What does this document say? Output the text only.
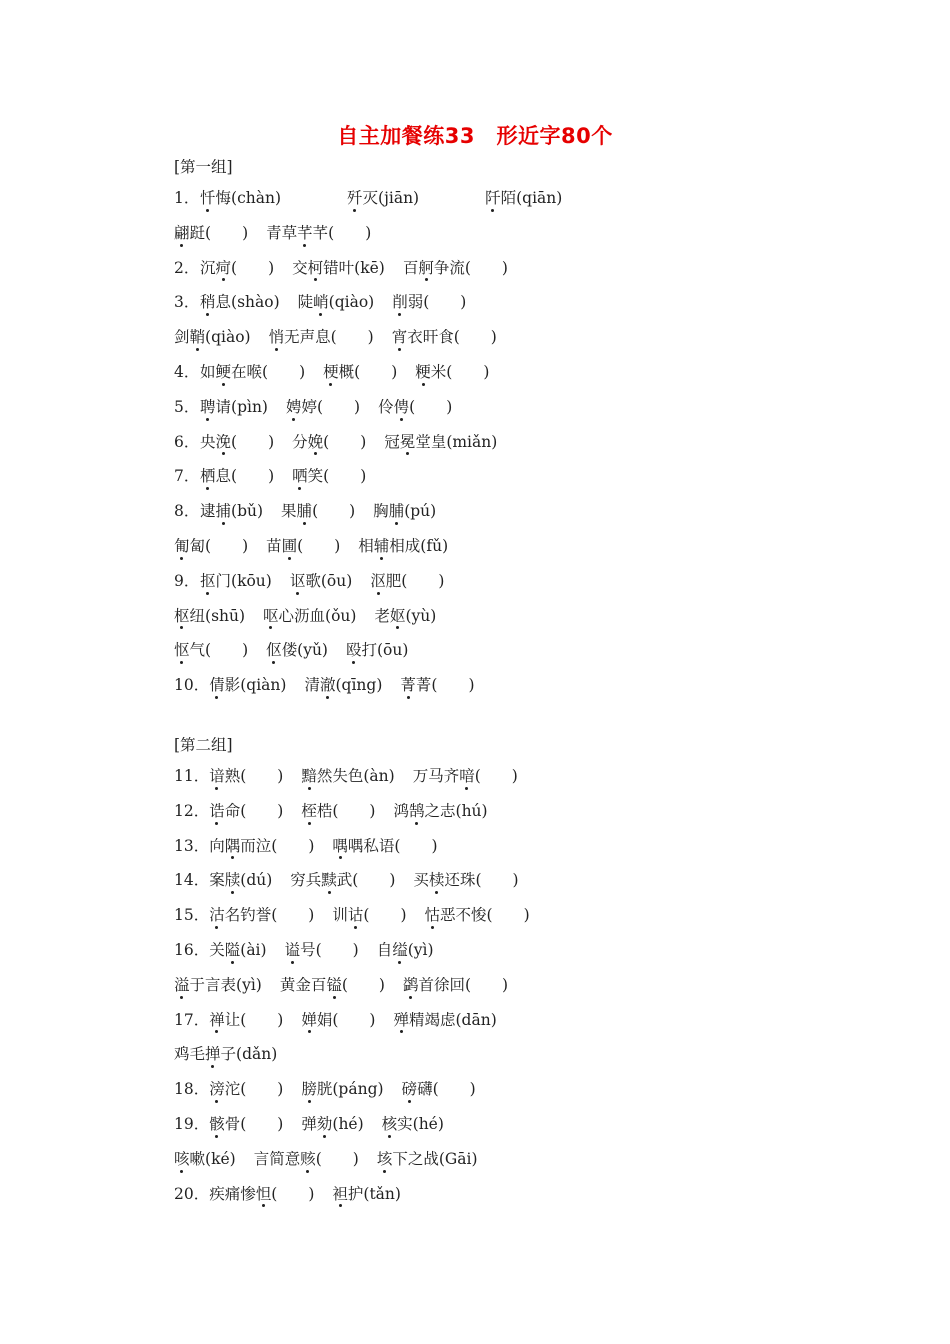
自主加餐练33　形近字80个
[第一组]
1．忏悔(chàn)	歼灭(jiān)	阡陌(qiān)
翩跹(　　) 青草芊芊(　　)
2．沉疴(　　) 交柯错叶(kē) 百舸争流(　　)
3．稍息(shào) 陡峭(qiào) 削弱(　　)
剑鞘(qiào) 悄无声息(　　) 宵衣旰食(　　)
4．如鲠在喉(　　) 梗概(　　) 粳米(　　)
5．聘请(pìn) 娉婷(　　) 伶俜(　　)
6．央浼(　　) 分娩(　　) 冠冕堂皇(miǎn)
7．栖息(　　) 哂笑(　　)
8．逮捕(bǔ) 果脯(　　) 胸脯(pú)
匍匐(　　) 苗圃(　　) 相辅相成(fǔ)
9．抠门(kōu) 讴歌(ōu) 沤肥(　　)
枢纽(shū) 呕心沥血(ǒu) 老妪(yù)
怄气(　　) 伛偻(yǔ) 殴打(ōu)
10．倩影(qiàn) 清澈(qīng) 菁菁(　　)
[第二组]
11．谙熟(　　) 黯然失色(àn) 万马齐喑(　　)
12．诰命(　　) 桎梏(　　) 鸿鹄之志(hú)
13．向隅而泣(　　) 喁喁私语(　　)
14．案牍(dú) 穷兵黩武(　　) 买椟还珠(　　)
15．沽名钓誉(　　) 训诂(　　) 怙恶不悛(　　)
16．关隘(ài) 谥号(　　) 自缢(yì)
溢于言表(yì) 黄金百镒(　　) 鹢首徐回(　　)
17．禅让(　　) 婵娟(　　) 殚精竭虑(dān)
鸡毛掸子(dǎn)
18．滂沱(　　) 膀胱(páng) 磅礴(　　)
19．骸骨(　　) 弹劾(hé) 核实(hé)
咳嗽(ké) 言简意赅(　　) 垓下之战(Gāi)
20．疾痛惨怛(　　) 袒护(tǎn)
